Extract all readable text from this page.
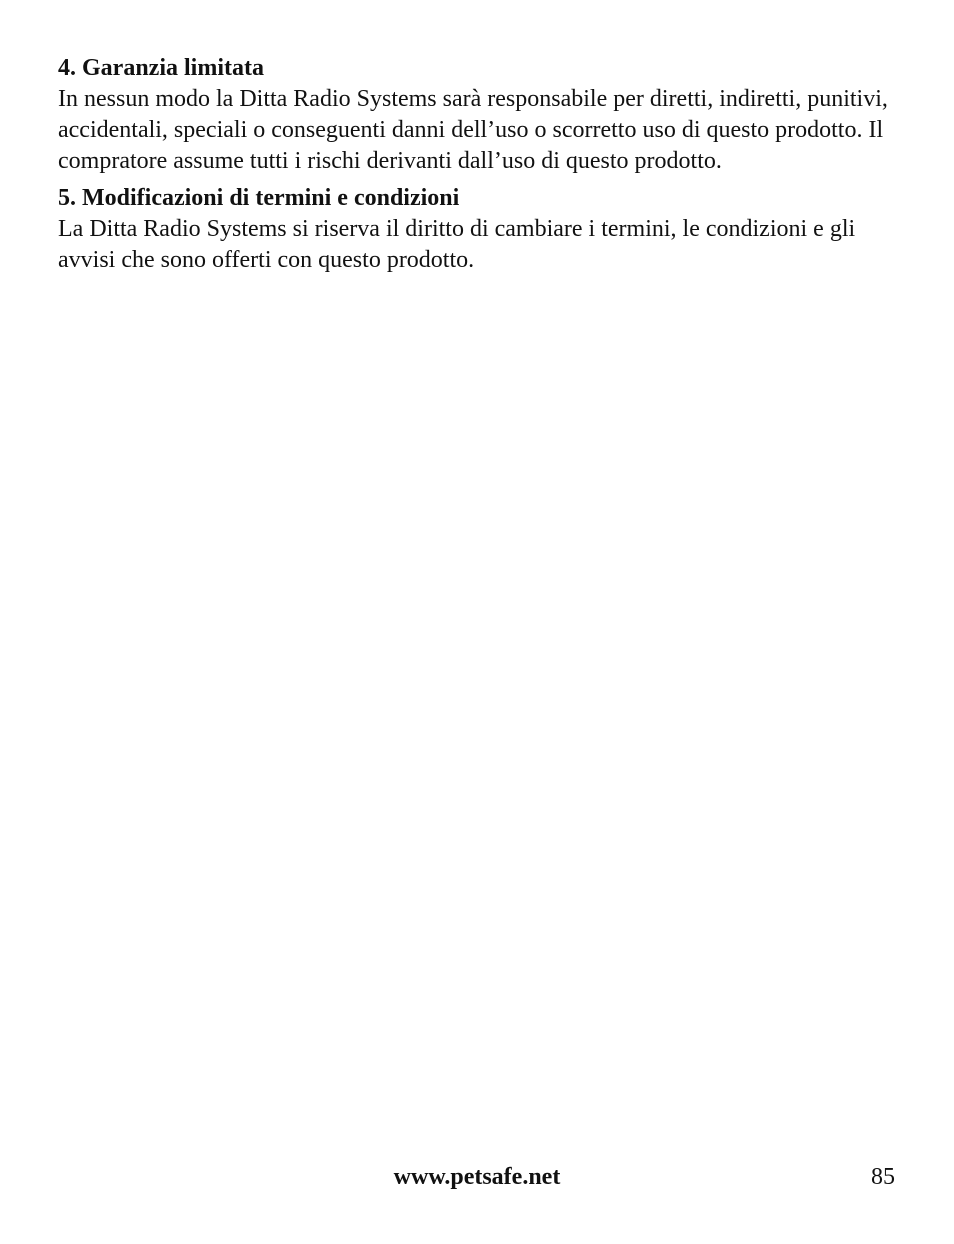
4. Garanzia limitata

In nessun modo la Ditta Radio Systems sarà responsabile per diretti, indiretti, punitivi, accidentali, speciali o conseguenti danni dell’uso o scorretto uso di questo prodotto. Il compratore assume tutti i rischi derivanti dall’uso di questo prodotto.

5. Modificazioni di termini e condizioni

La Ditta Radio Systems si riserva il diritto di cambiare i termini, le condizioni e gli avvisi che sono offerti con questo prodotto.

www.petsafe.net	85
